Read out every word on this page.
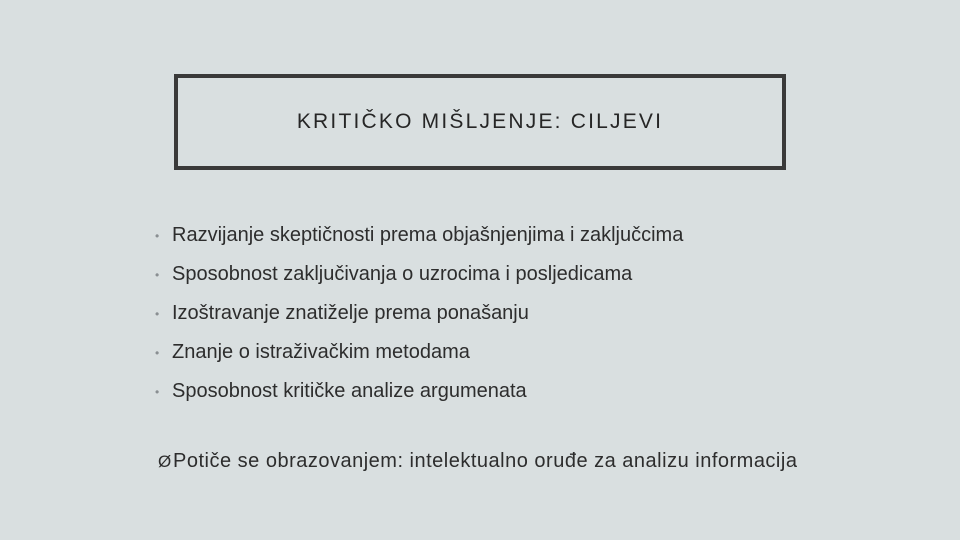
KRITIČKO MIŠLJENJE: CILJEVI
• Razvijanje skeptičnosti prema objašnjenjima i zaključcima
• Sposobnost zaključivanja o uzrocima i posljedicama
• Izoštravanje znatiželje prema ponašanju
• Znanje o istraživačkim metodama
• Sposobnost kritičke analize argumenata
Ø Potiče se obrazovanjem: intelektualno oruđe za analizu informacija
